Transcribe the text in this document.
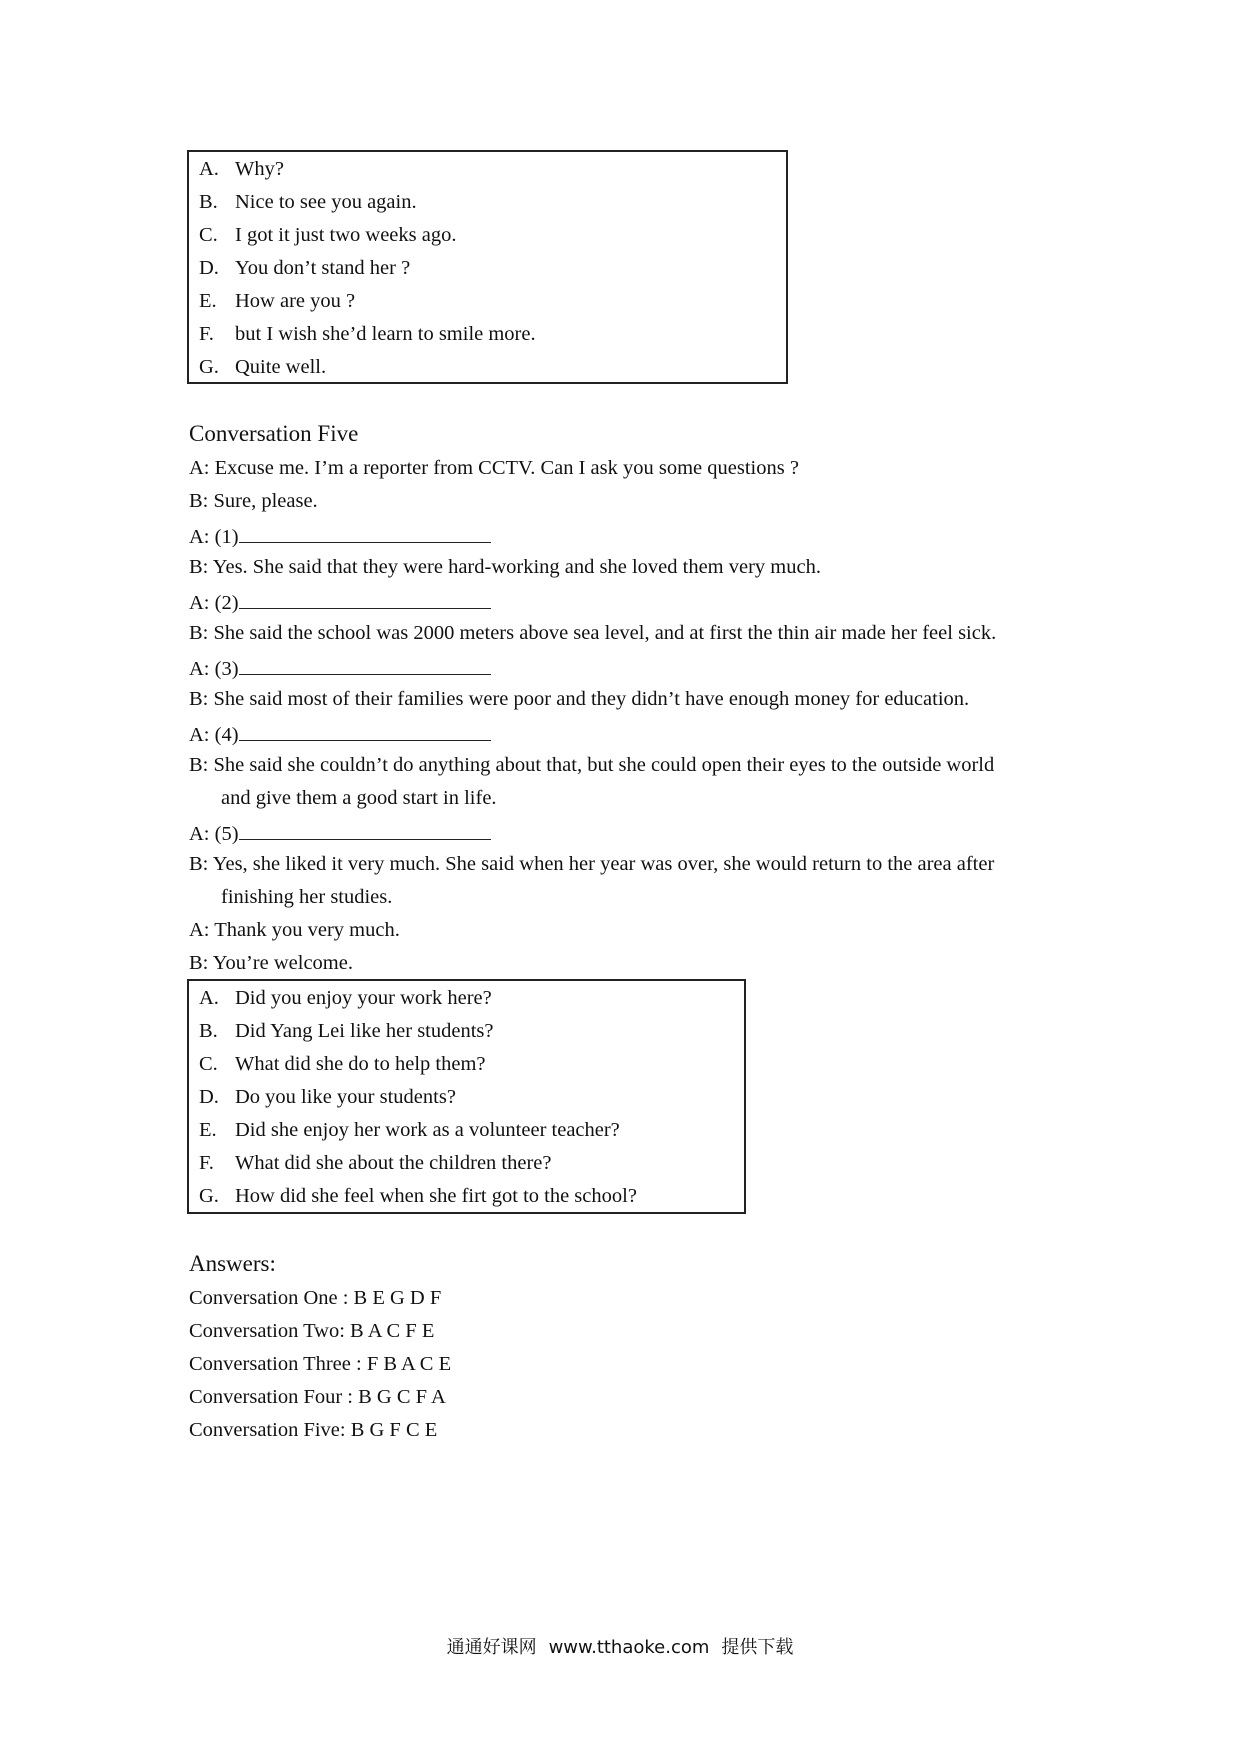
A. Why?
B. Nice to see you again.
C. I got it just two weeks ago.
D. You don’t stand her ?
E. How are you ?
F. but I wish she’d learn to smile more.
G. Quite well.
Conversation Five
A: Excuse me. I’m a reporter from CCTV. Can I ask you some questions ?
B: Sure, please.
A: (1)
B: Yes. She said that they were hard-working and she loved them very much.
A: (2)
B: She said the school was 2000 meters above sea level, and at first the thin air made her feel sick.
A: (3)
B: She said most of their families were poor and they didn’t have enough money for education.
A: (4)
B: She said she couldn’t do anything about that, but she could open their eyes to the outside world
and give them a good start in life.
A: (5)
B: Yes, she liked it very much. She said when her year was over, she would return to the area after
finishing her studies.
A: Thank you very much.
B: You’re welcome.
A. Did you enjoy your work here?
B. Did Yang Lei like her students?
C. What did she do to help them?
D. Do you like your students?
E. Did she enjoy her work as a volunteer teacher?
F. What did she about the children there?
G. How did she feel when she firt got to the school?
Answers:
Conversation One : B E G D F
Conversation Two: B A C F E
Conversation Three : F B A C E
Conversation Four : B G C F A
Conversation Five: B G F C E
通通好课网 www.tthaoke.com 提供下载
